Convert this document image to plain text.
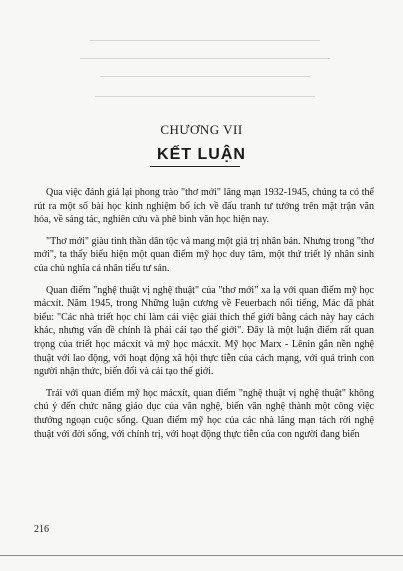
CHƯƠNG VII
KẾT LUẬN

Qua việc đánh giá lại phong trào "thơ mới" lãng mạn 1932-1945, chúng ta có thể rút ra một số bài học kinh nghiệm bổ ích về đấu tranh tư tưởng trên mặt trận văn hóa, về sáng tác, nghiên cứu và phê bình văn học hiện nay.

"Thơ mới" giàu tinh thần dân tộc và mang một giá trị nhân bản. Nhưng trong "thơ mới", ta thấy biểu hiện một quan điểm mỹ học duy tâm, một thứ triết lý nhân sinh của chủ nghĩa cá nhân tiểu tư sản.

Quan điểm "nghệ thuật vị nghệ thuật" của "thơ mới" xa lạ với quan điểm mỹ học mácxít. Năm 1945, trong Những luận cương về Feuerbach nổi tiếng, Mác đã phát biểu: "Các nhà triết học chỉ làm cái việc giải thích thế giới bằng cách này hay cách khác, nhưng vấn đề chính là phải cải tạo thế giới". Đây là một luận điểm rất quan trọng của triết học mácxít và mỹ học mácxít. Mỹ học Marx - Lênin gắn nền nghệ thuật với lao động, với hoạt động xã hội thực tiễn của cách mạng, với quá trình con người nhận thức, biến đổi và cải tạo thế giới.

Trái với quan điểm mỹ học mácxít, quan điểm "nghệ thuật vị nghệ thuật" không chú ý đến chức năng giáo dục của văn nghệ, biến văn nghệ thành một công việc thưởng ngoạn cuộc sống. Quan điểm mỹ học của các nhà lãng mạn tách rời nghệ thuật với đời sống, với chính trị, với hoạt động thực tiễn của con người đang biến

216
